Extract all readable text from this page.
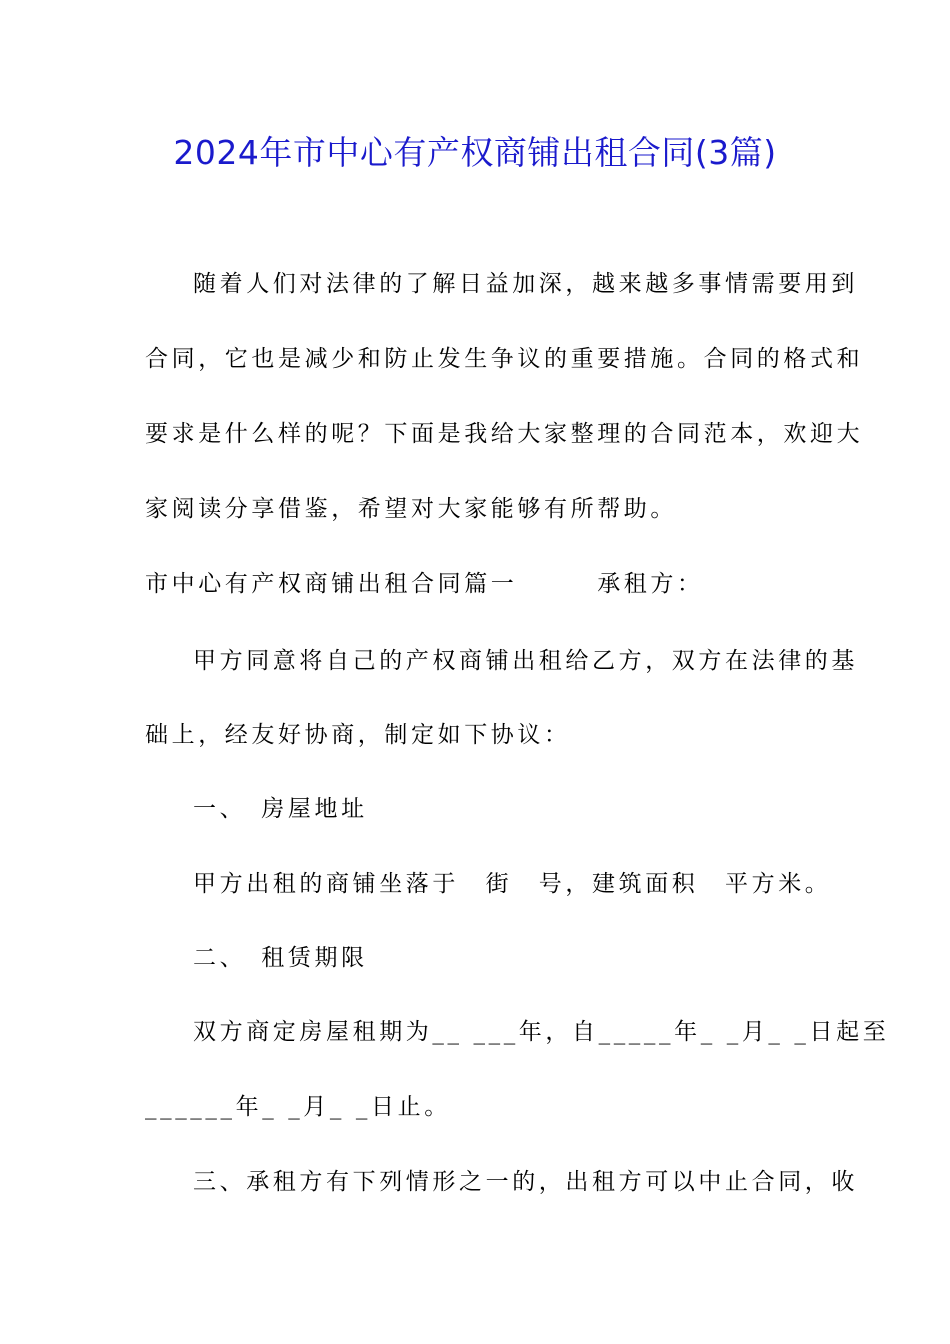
2024年市中心有产权商铺出租合同(3篇)
随着人们对法律的了解日益加深，越来越多事情需要用到
合同，它也是减少和防止发生争议的重要措施。合同的格式和
要求是什么样的呢？下面是我给大家整理的合同范本，欢迎大
家阅读分享借鉴，希望对大家能够有所帮助。
市中心有产权商铺出租合同篇一　　　承租方：
甲方同意将自己的产权商铺出租给乙方，双方在法律的基
础上，经友好协商，制定如下协议：
一、　房屋地址
甲方出租的商铺坐落于　街　号，建筑面积　平方米。
二、　租赁期限
双方商定房屋租期为__ ___年，自_____年_ _月_ _日起至
______年_ _月_ _日止。
三、承租方有下列情形之一的，出租方可以中止合同，收
